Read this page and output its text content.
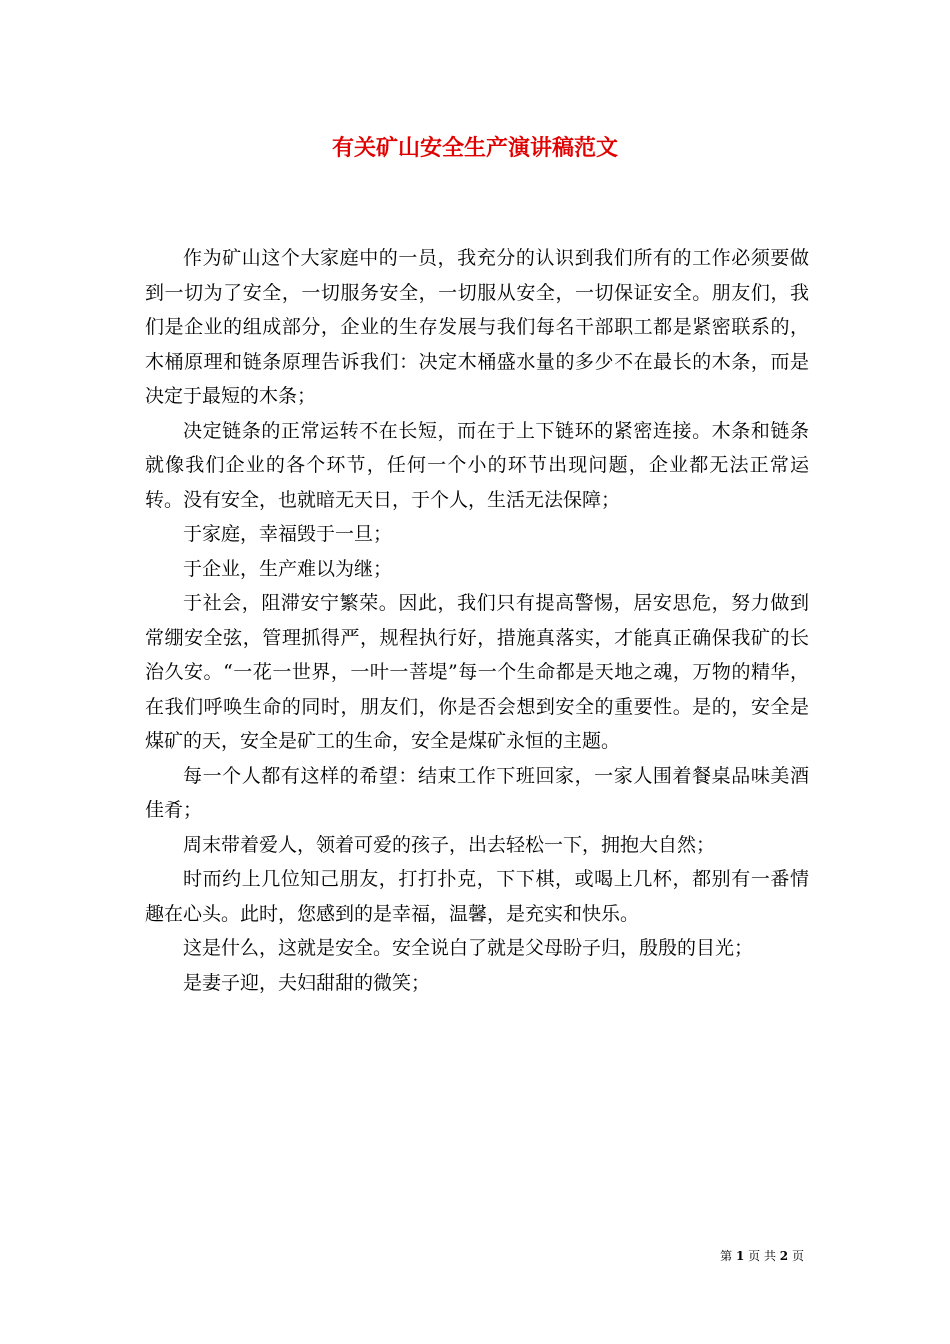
有关矿山安全生产演讲稿范文

作为矿山这个大家庭中的一员，我充分的认识到我们所有的工作必须要做到一切为了安全，一切服务安全，一切服从安全，一切保证安全。朋友们，我们是企业的组成部分，企业的生存发展与我们每名干部职工都是紧密联系的，木桶原理和链条原理告诉我们：决定木桶盛水量的多少不在最长的木条，而是决定于最短的木条；

决定链条的正常运转不在长短，而在于上下链环的紧密连接。木条和链条就像我们企业的各个环节，任何一个小的环节出现问题，企业都无法正常运转。没有安全，也就暗无天日，于个人，生活无法保障；

于家庭，幸福毁于一旦；

于企业，生产难以为继；

于社会，阻滞安宁繁荣。因此，我们只有提高警惕，居安思危，努力做到常绷安全弦，管理抓得严，规程执行好，措施真落实，才能真正确保我矿的长治久安。“一花一世界，一叶一菩堤”每一个生命都是天地之魂，万物的精华，在我们呼唤生命的同时，朋友们，你是否会想到安全的重要性。是的，安全是煤矿的天，安全是矿工的生命，安全是煤矿永恒的主题。

每一个人都有这样的希望：结束工作下班回家，一家人围着餐桌品味美酒佳肴；

周末带着爱人，领着可爱的孩子，出去轻松一下，拥抱大自然；

时而约上几位知己朋友，打打扑克，下下棋，或喝上几杯，都别有一番情趣在心头。此时，您感到的是幸福，温馨，是充实和快乐。

这是什么，这就是安全。安全说白了就是父母盼子归，殷殷的目光；

是妻子迎，夫妇甜甜的微笑；

第 1 页 共 2 页
